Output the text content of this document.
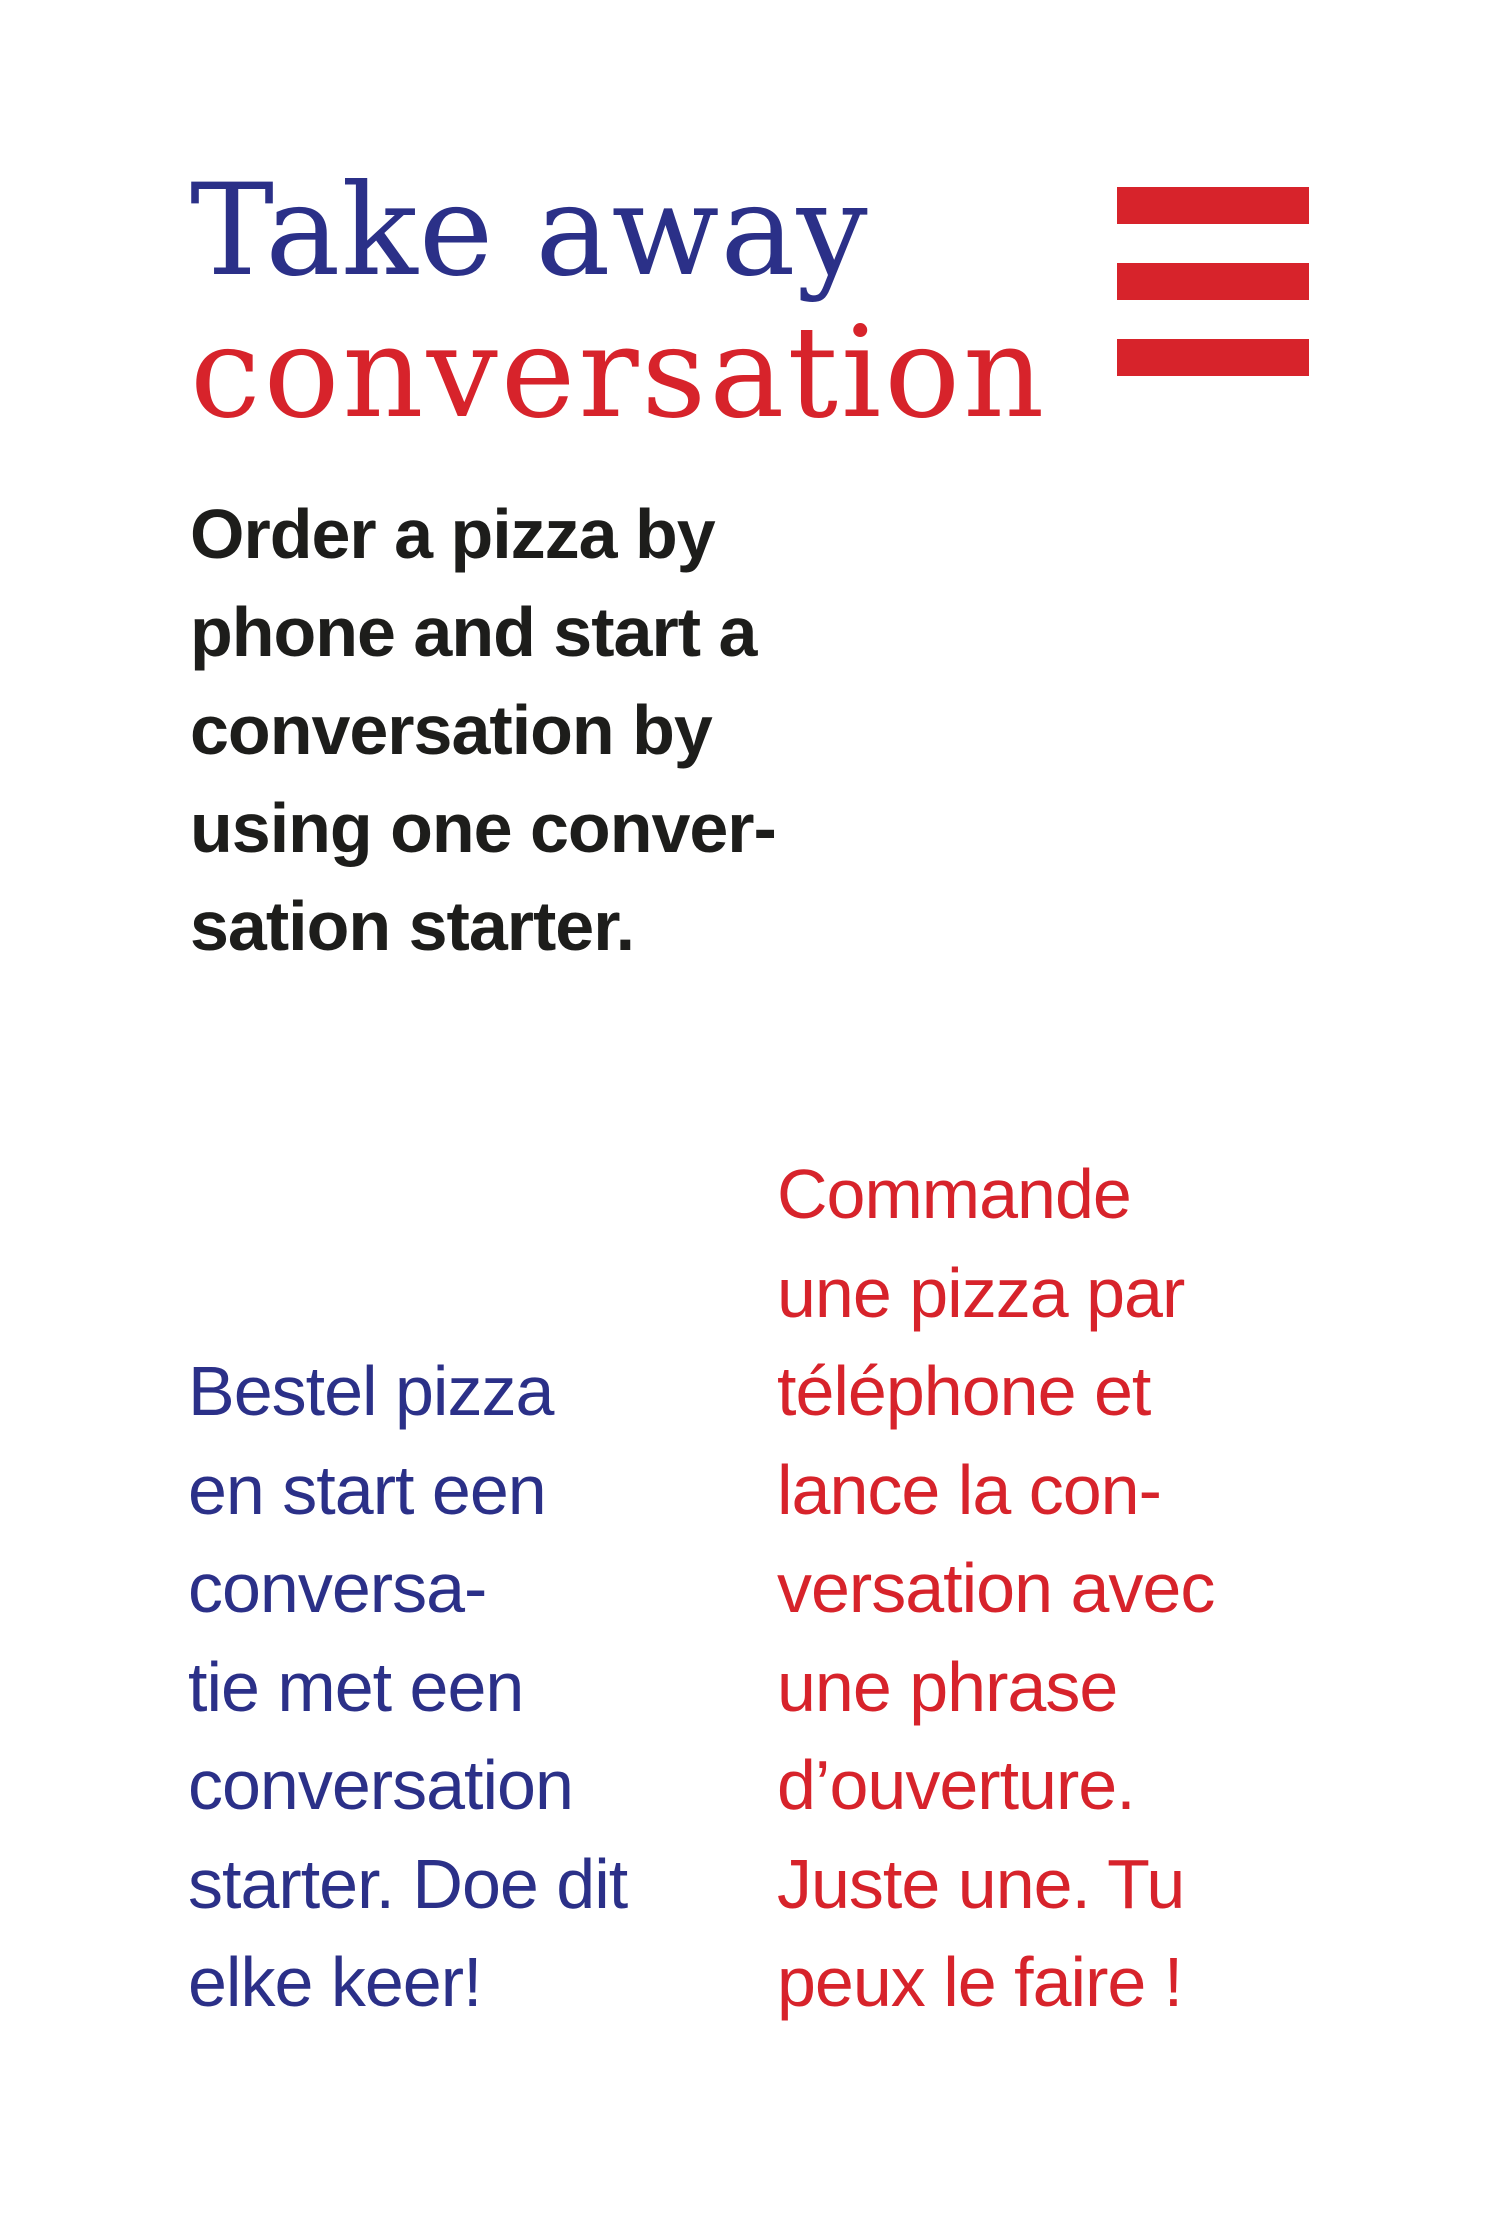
Take away
conversation
Order a pizza by
phone and start a
conversation by
using one conver-
sation starter.
Bestel pizza
en start een
conversa-
tie met een
conversation
starter. Doe dit
elke keer!
Commande
une pizza par
téléphone et
lance la con-
versation avec
une phrase
d’ouverture.
Juste une. Tu
peux le faire !
